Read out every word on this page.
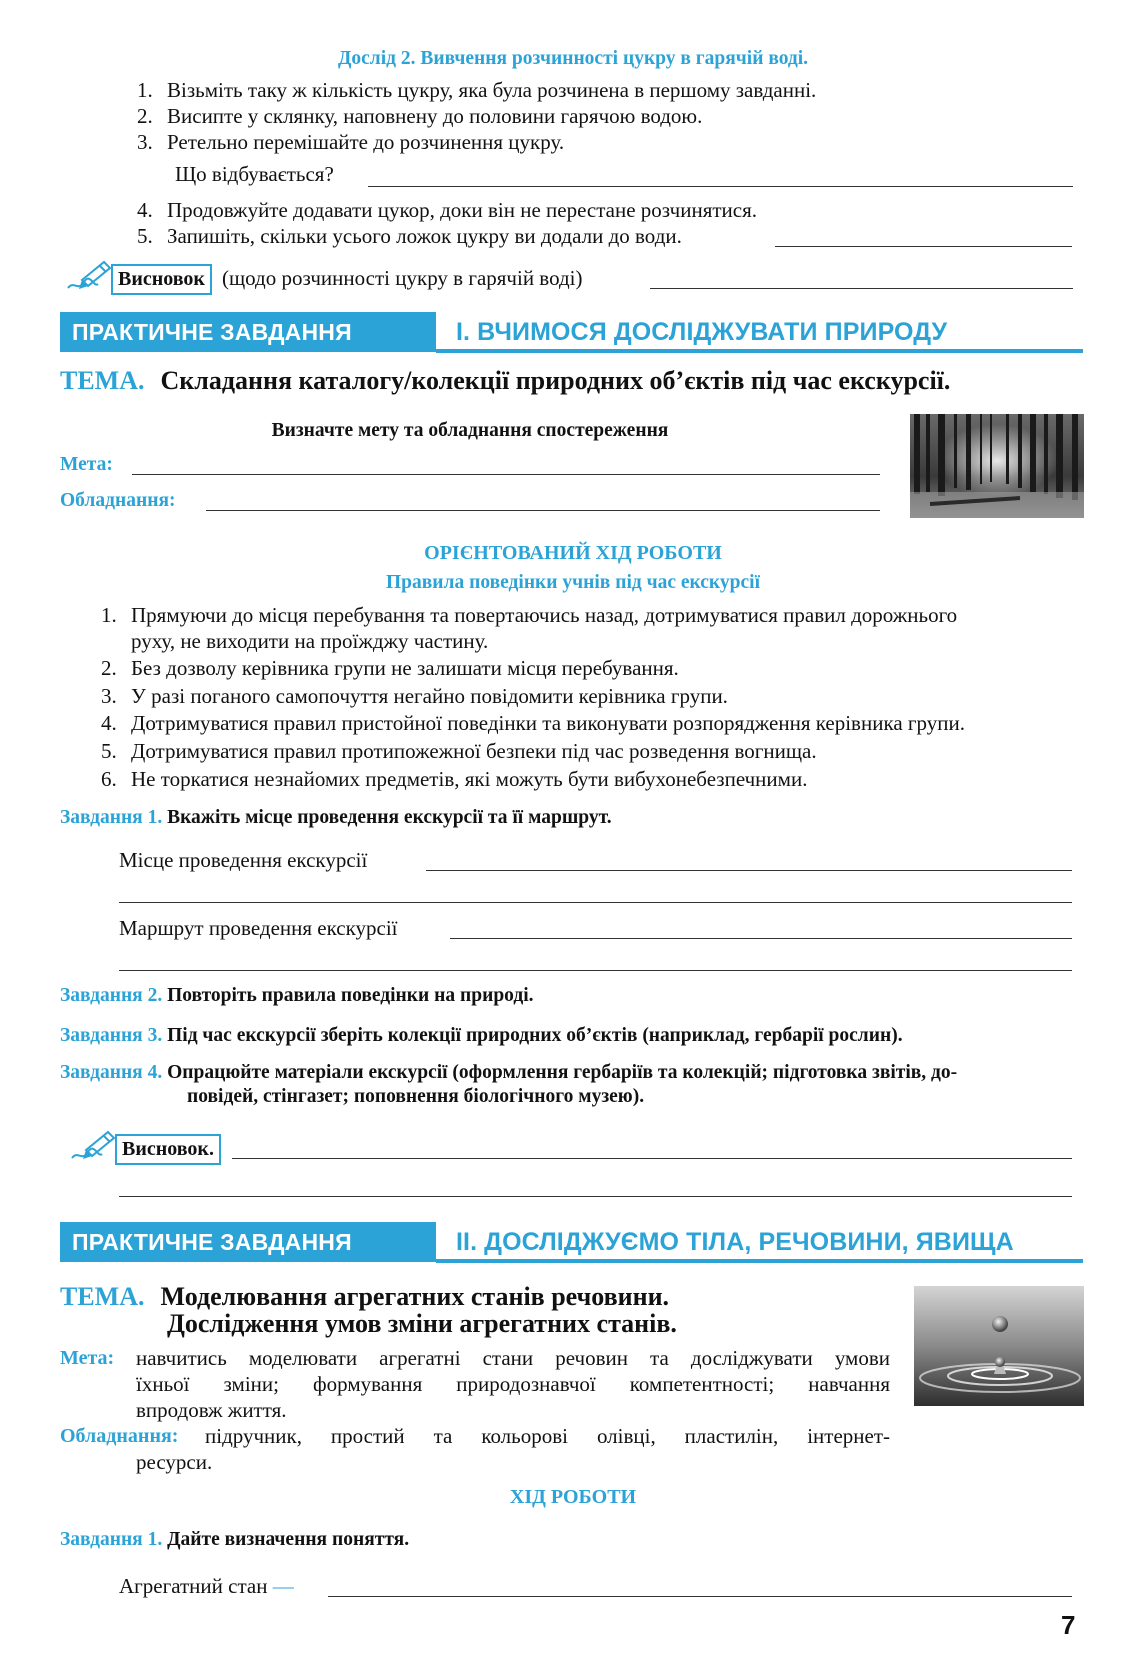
Дослід 2. Вивчення розчинності цукру в гарячій воді.
1. Візьміть таку ж кількість цукру, яка була розчинена в першому завданні.
2. Висипте у склянку, наповнену до половини гарячою водою.
3. Ретельно перемішайте до розчинення цукру.
Що відбувається?
4. Продовжуйте додавати цукор, доки він не перестане розчинятися.
5. Запишіть, скільки усього ложок цукру ви додали до води.
Висновок (щодо розчинності цукру в гарячій воді)
ПРАКТИЧНЕ ЗАВДАННЯ	І. ВЧИМОСЯ ДОСЛІДЖУВАТИ ПРИРОДУ
ТЕМА. Складання каталогу/колекції природних об’єктів під час екскурсії.
Визначте мету та обладнання спостереження
Мета:
Обладнання:
ОРІЄНТОВАНИЙ ХІД РОБОТИ
Правила поведінки учнів під час екскурсії
1. Прямуючи до місця перебування та повертаючись назад, дотримуватися правил дорожнього
руху, не виходити на проїжджу частину.
2. Без дозволу керівника групи не залишати місця перебування.
3. У разі поганого самопочуття негайно повідомити керівника групи.
4. Дотримуватися правил пристойної поведінки та виконувати розпорядження керівника групи.
5. Дотримуватися правил протипожежної безпеки під час розведення вогнища.
6. Не торкатися незнайомих предметів, які можуть бути вибухонебезпечними.
Завдання 1. Вкажіть місце проведення екскурсії та її маршрут.
Місце проведення екскурсії
Маршрут проведення екскурсії
Завдання 2. Повторіть правила поведінки на природі.
Завдання 3. Під час екскурсії зберіть колекції природних об’єктів (наприклад, гербарії рослин).
Завдання 4. Опрацюйте матеріали екскурсії (оформлення гербаріїв та колекцій; підготовка звітів, до-
повідей, стінгазет; поповнення біологічного музею).
Висновок.
ПРАКТИЧНЕ ЗАВДАННЯ	ІІ. ДОСЛІДЖУЄМО ТІЛА, РЕЧОВИНИ, ЯВИЩА
ТЕМА. Моделювання агрегатних станів речовини.
Дослідження умов зміни агрегатних станів.
Мета: навчитись моделювати агрегатні стани речовин та досліджувати умови
їхньої зміни; формування природознавчої компетентності; навчання
впродовж життя.
Обладнання: підручник, простий та кольорові олівці, пластилін, інтернет-
ресурси.
ХІД РОБОТИ
Завдання 1. Дайте визначення поняття.
Агрегатний стан —
7
